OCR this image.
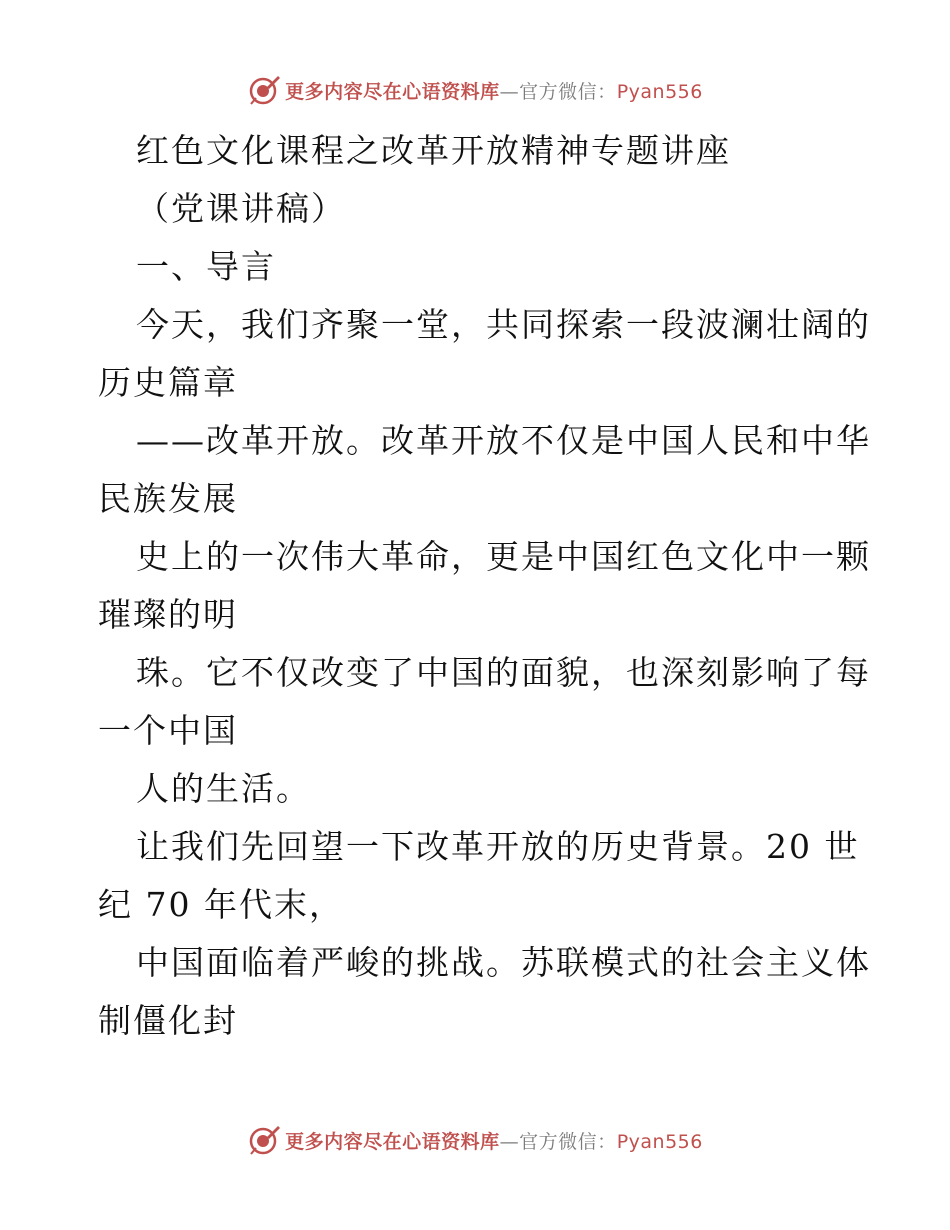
更多内容尽在心语资料库—官方微信：Pyan556
红色文化课程之改革开放精神专题讲座
（党课讲稿）
一、导言
今天，我们齐聚一堂，共同探索一段波澜壮阔的
历史篇章
——改革开放。改革开放不仅是中国人民和中华
民族发展
史上的一次伟大革命，更是中国红色文化中一颗
璀璨的明
珠。它不仅改变了中国的面貌，也深刻影响了每
一个中国
人的生活。
让我们先回望一下改革开放的历史背景。20 世
纪 70 年代末，
中国面临着严峻的挑战。苏联模式的社会主义体
制僵化封
更多内容尽在心语资料库—官方微信：Pyan556
